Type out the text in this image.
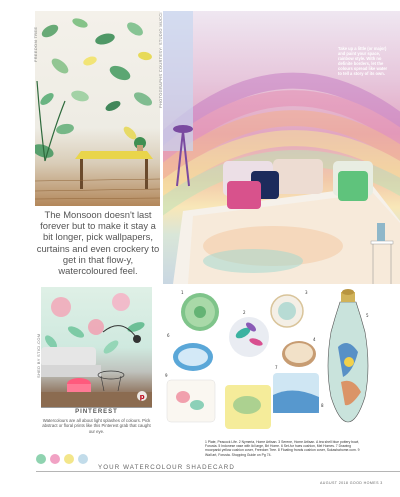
FREEDOM TREE	PHOTOGRAPHS COURTESY: STUDIO MUCCI	Take up a little (or major) and paint your space, rainbow style. With no definite borders, let the colours spread like water to tell a story of its own.
The Monsoon doesn't last forever but to make it stay a bit longer, pick wallpapers, curtains and even crockery to get in that flow-y, watercoloured feel.
p
SHED BY STICI.COM
PINTEREST
Watercolours are all about light splashes of colours. Pick abstract or floral prints like this Pinterest grab that caught our eye.
1
2
3
4
5
6
7
8
9
1 Plate, Peacock Life. 2 Nymeria, Home Artisan. 3 Serene, Home Artisan. A tea shell blue pottery bowl, Forusta. 5 Indonese vase with lid large, Bri Home. 6 Set-fur hues cushion, Mel Homes. 7 Drawing moorpanki yellow cushion cover, Freedom Tree. 8 Floating fronds cushion cover, Sukashahome.com. 9 Wall art, Forusta. Shopping Guide on Pg 74.
YOUR WATERCOLOUR SHADECARD
AUGUST 2018 GOOD HOMES 3
